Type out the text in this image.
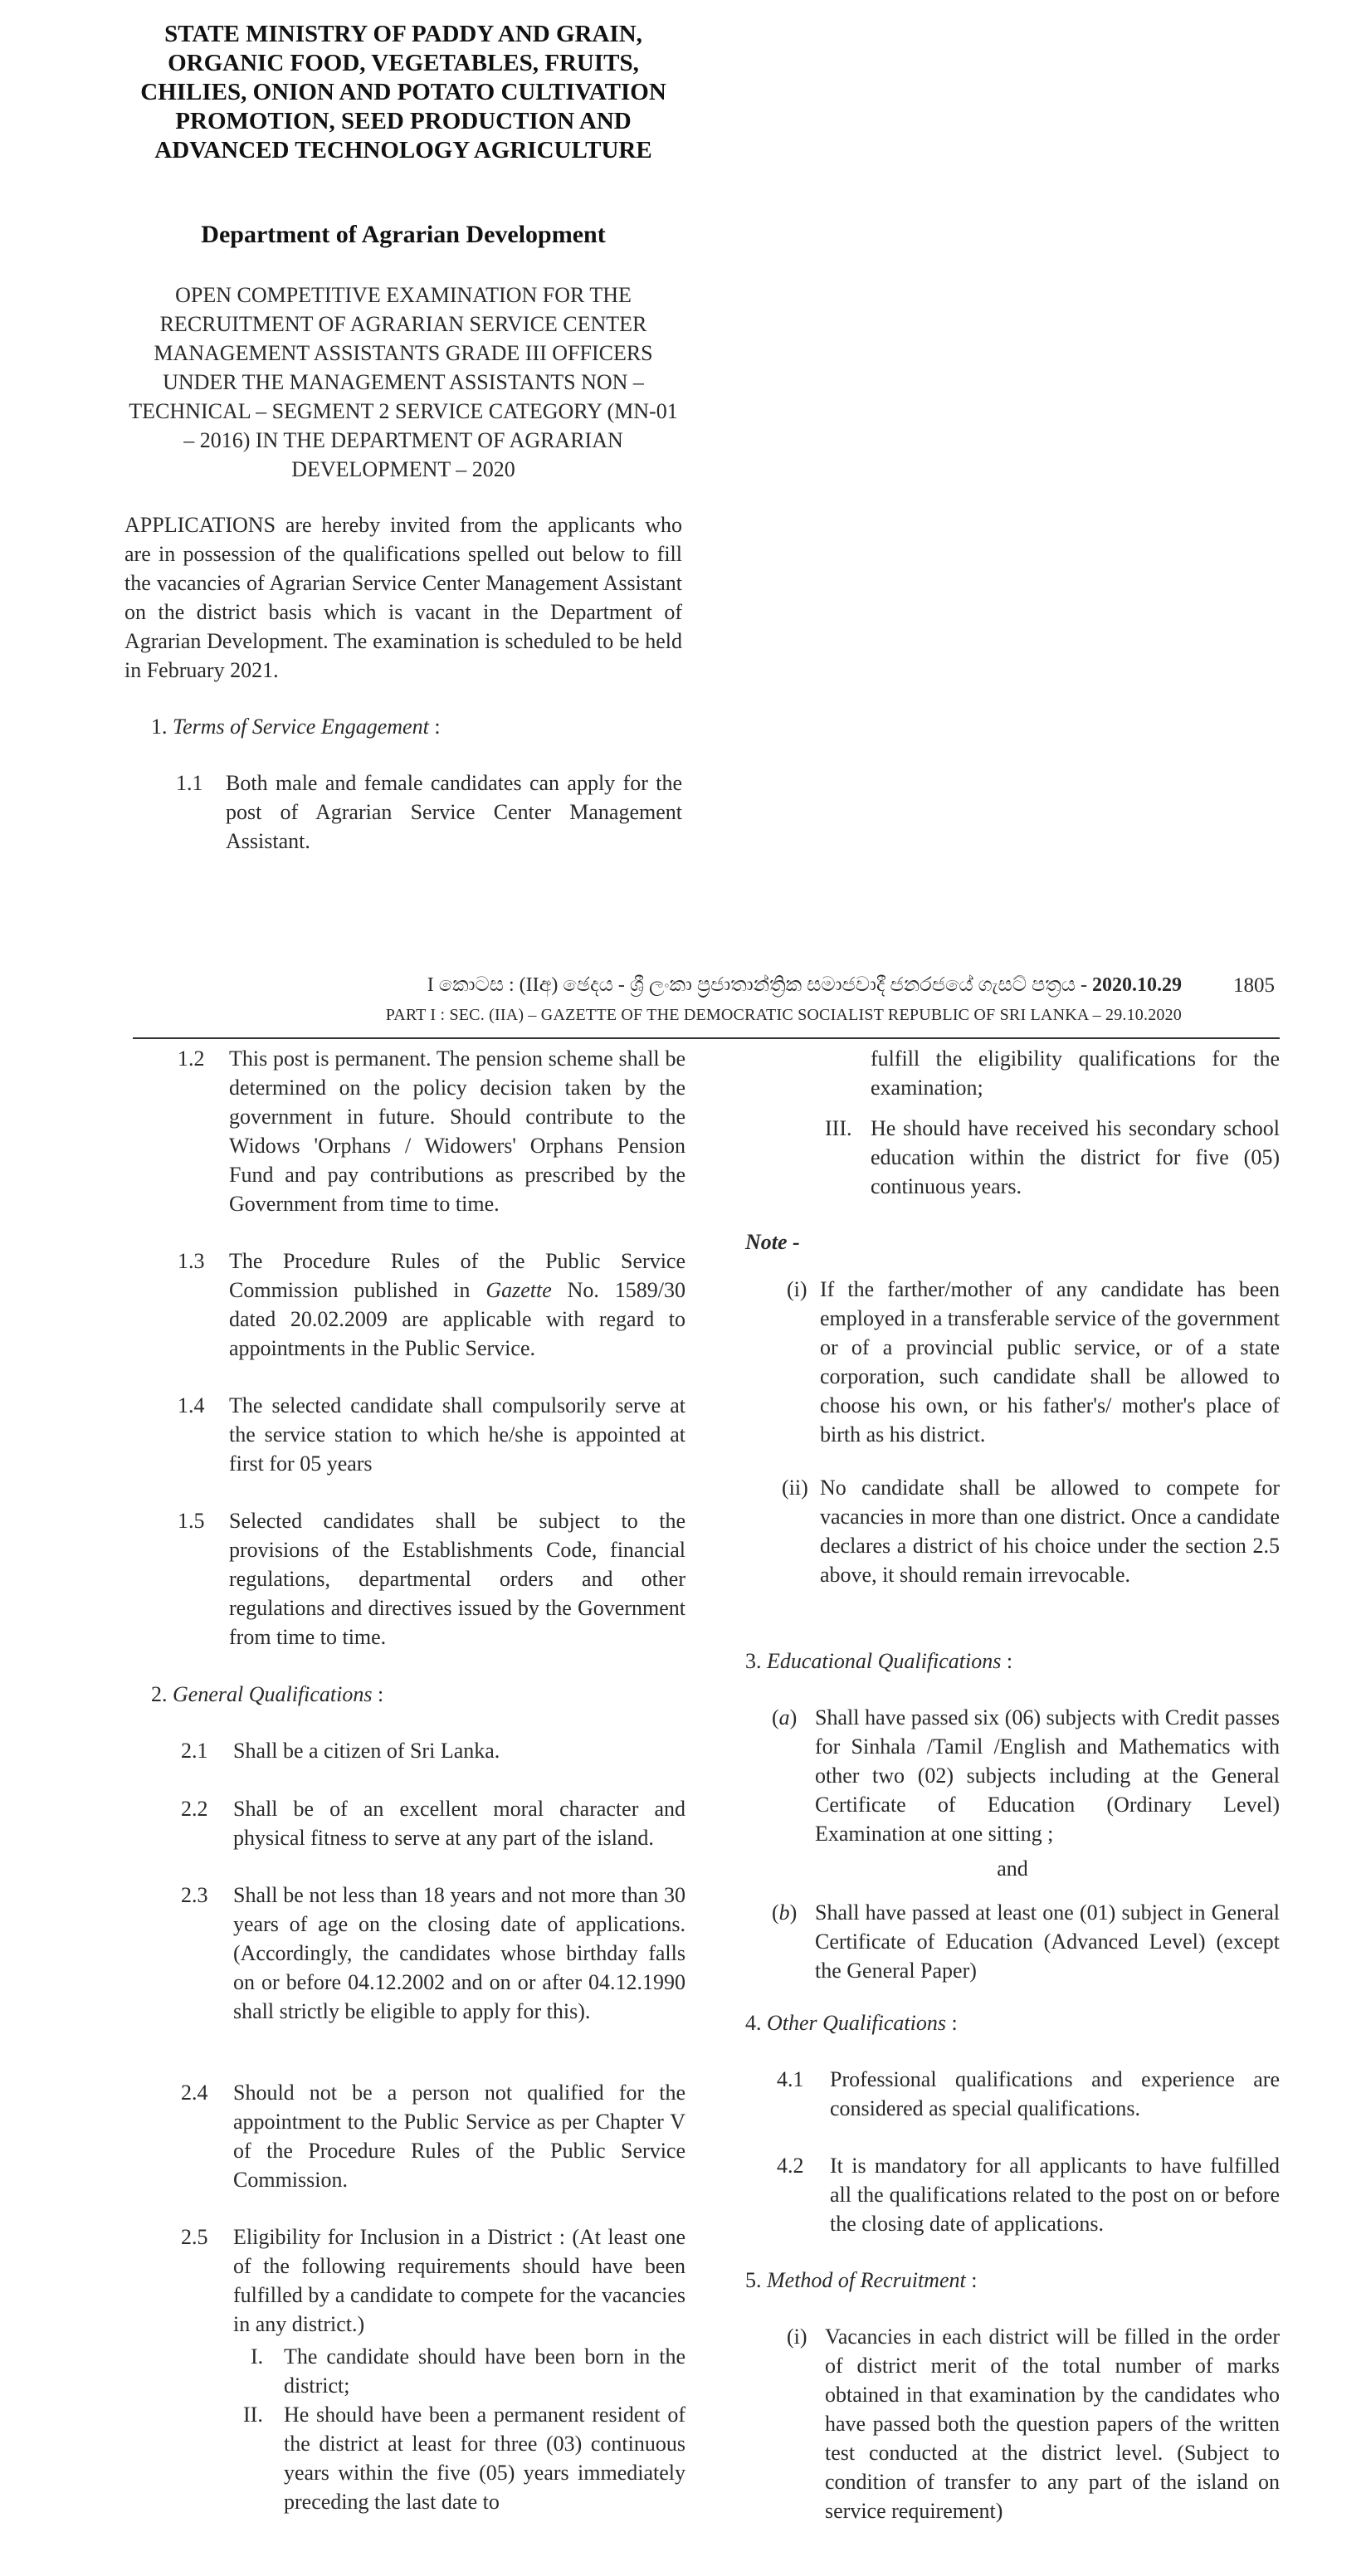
STATE MINISTRY OF PADDY AND GRAIN, ORGANIC FOOD, VEGETABLES, FRUITS, CHILIES, ONION AND POTATO CULTIVATION PROMOTION, SEED PRODUCTION AND ADVANCED TECHNOLOGY AGRICULTURE
Department of Agrarian Development
OPEN COMPETITIVE EXAMINATION FOR THE RECRUITMENT OF AGRARIAN SERVICE CENTER MANAGEMENT ASSISTANTS GRADE III OFFICERS UNDER THE MANAGEMENT ASSISTANTS NON – TECHNICAL – SEGMENT 2 SERVICE CATEGORY (MN-01 – 2016) IN THE DEPARTMENT OF AGRARIAN DEVELOPMENT – 2020

APPLICATIONS are hereby invited from the applicants who are in possession of the qualifications spelled out below to fill the vacancies of Agrarian Service Center Management Assistant on the district basis which is vacant in the Department of Agrarian Development. The examination is scheduled to be held in February 2021.

1. Terms of Service Engagement :
1.1 Both male and female candidates can apply for the post of Agrarian Service Center Management Assistant.

I කොටස : (IIඅ) ඡෙදය - ශ්‍රී ලංකා ප්‍රජාතාන්ත්‍රික සමාජවාදී ජනරජයේ ගැසට් පත්‍රය - 2020.10.29 1805
PART I : SEC. (IIA) – GAZETTE OF THE DEMOCRATIC SOCIALIST REPUBLIC OF SRI LANKA – 29.10.2020
1.2 This post is permanent. The pension scheme shall be determined on the policy decision taken by the government in future. Should contribute to the Widows 'Orphans / Widowers' Orphans Pension Fund and pay contributions as prescribed by the Government from time to time.

1.3 The Procedure Rules of the Public Service Commission published in Gazette No. 1589/30 dated 20.02.2009 are applicable with regard to appointments in the Public Service.

1.4 The selected candidate shall compulsorily serve at the service station to which he/she is appointed at first for 05 years

1.5 Selected candidates shall be subject to the provisions of the Establishments Code, financial regulations, departmental orders and other regulations and directives issued by the Government from time to time.

2. General Qualifications :
2.1 Shall be a citizen of Sri Lanka.

2.2 Shall be of an excellent moral character and physical fitness to serve at any part of the island.

2.3 Shall be not less than 18 years and not more than 30 years of age on the closing date of applications. (Accordingly, the candidates whose birthday falls on or before 04.12.2002 and on or after 04.12.1990 shall strictly be eligible to apply for this).

2.4 Should not be a person not qualified for the appointment to the Public Service as per Chapter V of the Procedure Rules of the Public Service Commission.

2.5 Eligibility for Inclusion in a District : (At least one of the following requirements should have been fulfilled by a candidate to compete for the vacancies in any district.)

I. The candidate should have been born in the district;

II. He should have been a permanent resident of the district at least for three (03) continuous years within the five (05) years immediately preceding the last date to

fulfill the eligibility qualifications for the examination;

III. He should have received his secondary school education within the district for five (05) continuous years.

Note -
(i) If the farther/mother of any candidate has been employed in a transferable service of the government or of a provincial public service, or of a state corporation, such candidate shall be allowed to choose his own, or his father's/ mother's place of birth as his district.

(ii) No candidate shall be allowed to compete for vacancies in more than one district. Once a candidate declares a district of his choice under the section 2.5 above, it should remain irrevocable.

3. Educational Qualifications :
(a) Shall have passed six (06) subjects with Credit passes for Sinhala /Tamil /English and Mathematics with other two (02) subjects including at the General Certificate of Education (Ordinary Level) Examination at one sitting ;

and
(b) Shall have passed at least one (01) subject in General Certificate of Education (Advanced Level) (except the General Paper)

4. Other Qualifications :
4.1 Professional qualifications and experience are considered as special qualifications.

4.2 It is mandatory for all applicants to have fulfilled all the qualifications related to the post on or before the closing date of applications.

5. Method of Recruitment :
(i) Vacancies in each district will be filled in the order of district merit of the total number of marks obtained in that examination by the candidates who have passed both the question papers of the written test conducted at the district level. (Subject to condition of transfer to any part of the island on service requirement)
